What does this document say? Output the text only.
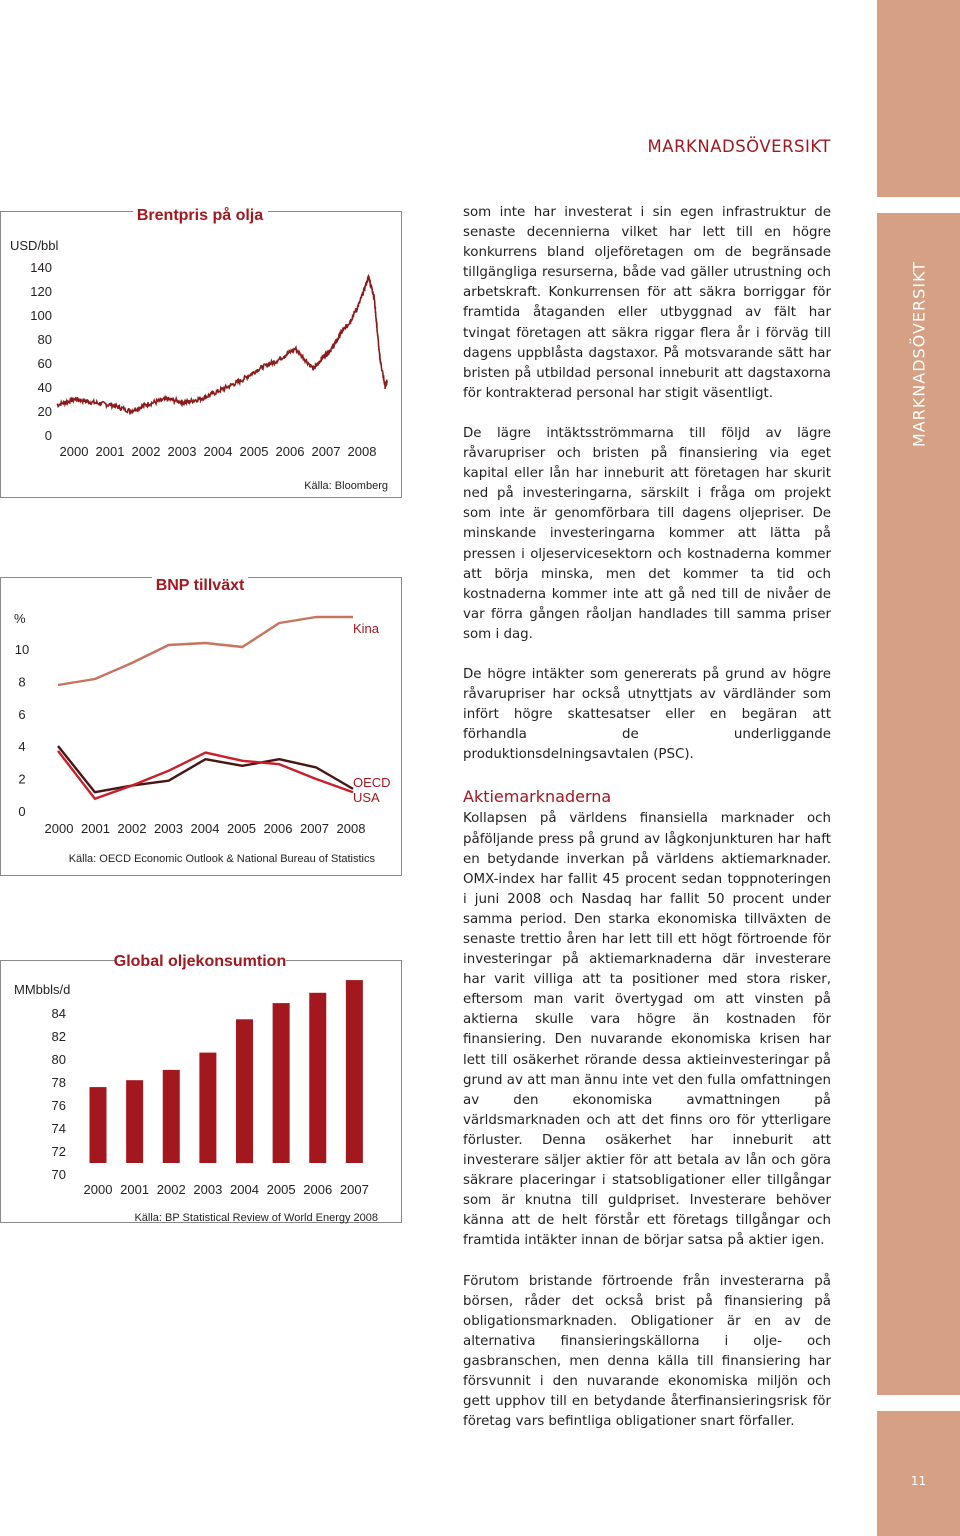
MARKNADSÖVERSIKT
11
MARKNADSÖVERSIKT
Brentpris på olja
USD/bbl
140
120
100
80
60
40
20
0
2000 2001 2002 2003 2004 2005 2006 2007 2008
Källa: Bloomberg
BNP tillväxt
%
10
8
6
4
2
0
2000 2001 2002 2003 2004 2005 2006 2007 2008
Kina
OECD
USA
Källa: OECD Economic Outlook & National Bureau of Statistics
Global oljekonsumtion
MMbbls/d
84
82
80
78
76
74
72
70
2000 2001 2002 2003 2004 2005 2006 2007
Källa: BP Statistical Review of World Energy 2008

som inte har investerat i sin egen infrastruktur de senaste decennierna vilket har lett till en högre konkurrens bland oljeföretagen om de begränsade tillgängliga resurserna, både vad gäller utrustning och arbetskraft. Konkurrensen för att säkra borriggar för framtida åtaganden eller utbyggnad av fält har tvingat företagen att säkra riggar flera år i förväg till dagens uppblåsta dagstaxor. På motsvarande sätt har bristen på utbildad personal inneburit att dagstaxorna för kontrakterad personal har stigit väsentligt.

De lägre intäktsströmmarna till följd av lägre råvarupriser och bristen på finansiering via eget kapital eller lån har inneburit att företagen har skurit ned på investeringarna, särskilt i fråga om projekt som inte är genomförbara till dagens oljepriser. De minskande investeringarna kommer att lätta på pressen i oljeservicesektorn och kostnaderna kommer att börja minska, men det kommer ta tid och kostnaderna kommer inte att gå ned till de nivåer de var förra gången råoljan handlades till samma priser som i dag.

De högre intäkter som genererats på grund av högre råvarupriser har också utnyttjats av värdländer som infört högre skattesatser eller en begäran att förhandla de underliggande produktionsdelningsavtalen (PSC).

Aktiemarknaderna

Kollapsen på världens finansiella marknader och påföljande press på grund av lågkonjunkturen har haft en betydande inverkan på världens aktiemarknader. OMX-index har fallit 45 procent sedan toppnoteringen i juni 2008 och Nasdaq har fallit 50 procent under samma period. Den starka ekonomiska tillväxten de senaste trettio åren har lett till ett högt förtroende för investeringar på aktiemarknaderna där investerare har varit villiga att ta positioner med stora risker, eftersom man varit övertygad om att vinsten på aktierna skulle vara högre än kostnaden för finansiering. Den nuvarande ekonomiska krisen har lett till osäkerhet rörande dessa aktieinvesteringar på grund av att man ännu inte vet den fulla omfattningen av den ekonomiska avmattningen på världsmarknaden och att det finns oro för ytterligare förluster. Denna osäkerhet har inneburit att investerare säljer aktier för att betala av lån och göra säkrare placeringar i statsobligationer eller tillgångar som är knutna till guldpriset. Investerare behöver känna att de helt förstår ett företags tillgångar och framtida intäkter innan de börjar satsa på aktier igen.

Förutom bristande förtroende från investerarna på börsen, råder det också brist på finansiering på obligationsmarknaden. Obligationer är en av de alternativa finansieringskällorna i olje- och gasbranschen, men denna källa till finansiering har försvunnit i den nuvarande ekonomiska miljön och gett upphov till en betydande återfinansieringsrisk för företag vars befintliga obligationer snart förfaller.
